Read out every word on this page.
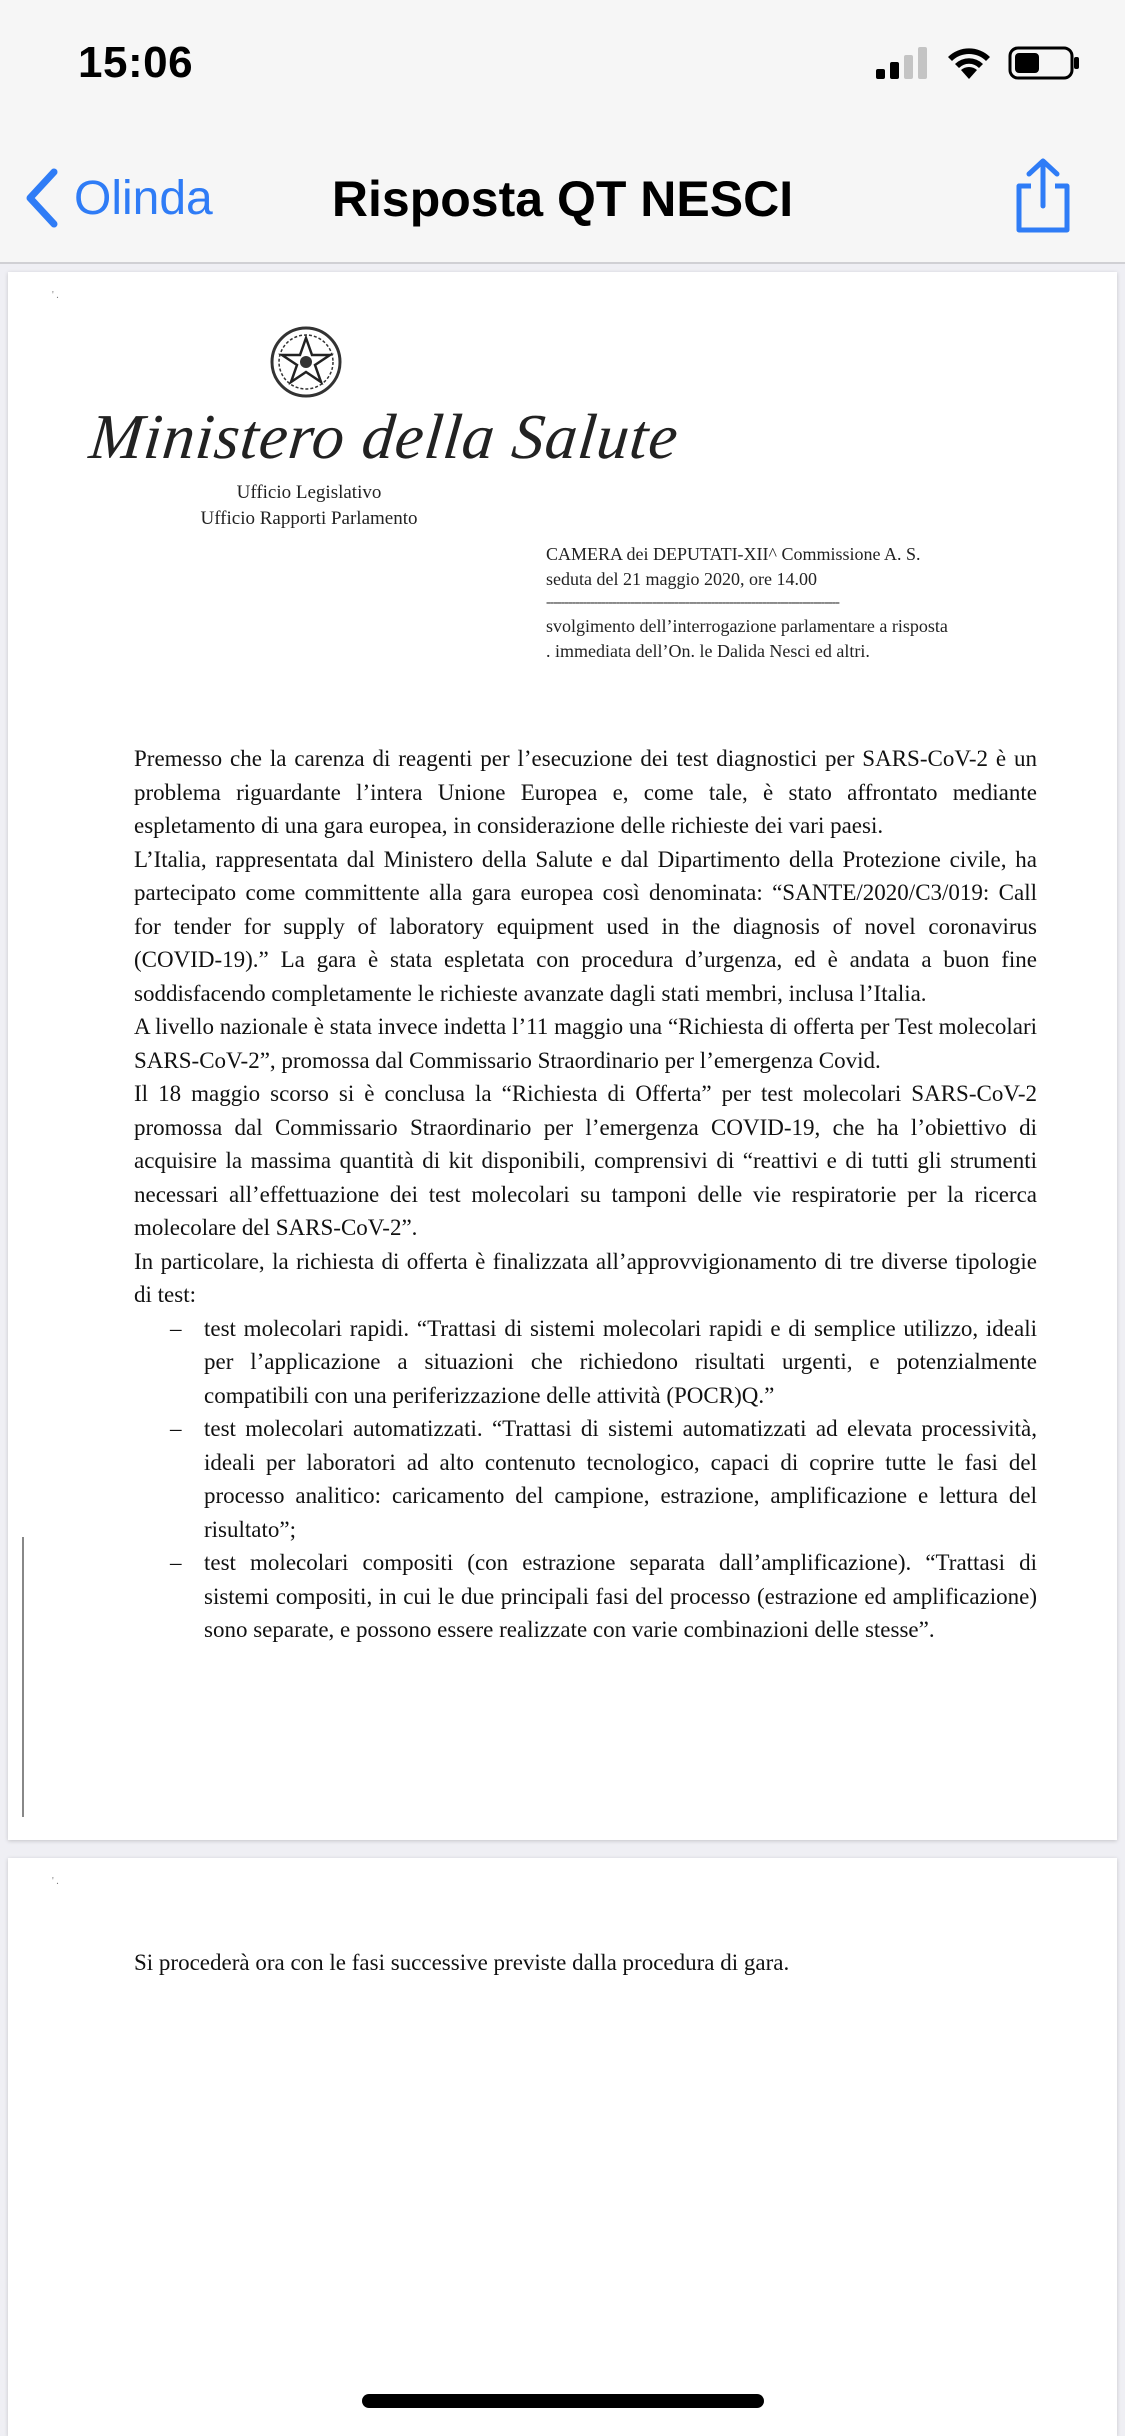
15:06
Olinda	Risposta QT NESCI
' .
Ministero della Salute
Ufficio Legislativo
Ufficio Rapporti Parlamento
CAMERA dei DEPUTATI-XII^ Commissione A. S.
seduta del 21 maggio 2020, ore 14.00
--------------------------------------------------------------------------------
svolgimento dell’interrogazione parlamentare a risposta
. immediata dell’On. le Dalida Nesci ed altri.

Premesso che la carenza di reagenti per l’esecuzione dei test diagnostici per SARS-CoV-2 è un problema riguardante l’intera Unione Europea e, come tale, è stato affrontato mediante espletamento di una gara europea, in considerazione delle richieste dei vari paesi.

L’Italia, rappresentata dal Ministero della Salute e dal Dipartimento della Protezione civile, ha partecipato come committente alla gara europea così denominata: “SANTE/2020/C3/019: Call for tender for supply of laboratory equipment used in the diagnosis of novel coronavirus (COVID-19).” La gara è stata espletata con procedura d’urgenza, ed è andata a buon fine soddisfacendo completamente le richieste avanzate dagli stati membri, inclusa l’Italia.

A livello nazionale è stata invece indetta l’11 maggio una “Richiesta di offerta per Test molecolari SARS-CoV-2”, promossa dal Commissario Straordinario per l’emergenza Covid.

Il 18 maggio scorso si è conclusa la “Richiesta di Offerta” per test molecolari SARS-CoV-2 promossa dal Commissario Straordinario per l’emergenza COVID-19, che ha l’obiettivo di acquisire la massima quantità di kit disponibili, comprensivi di “reattivi e di tutti gli strumenti necessari all’effettuazione dei test molecolari su tamponi delle vie respiratorie per la ricerca molecolare del SARS-CoV-2”.

In particolare, la richiesta di offerta è finalizzata all’approvvigionamento di tre diverse tipologie di test:

– test molecolari rapidi. “Trattasi di sistemi molecolari rapidi e di semplice utilizzo, ideali per l’applicazione a situazioni che richiedono risultati urgenti, e potenzialmente compatibili con una periferizzazione delle attività (POCR)Q.”
– test molecolari automatizzati. “Trattasi di sistemi automatizzati ad elevata processività, ideali per laboratori ad alto contenuto tecnologico, capaci di coprire tutte le fasi del processo analitico: caricamento del campione, estrazione, amplificazione e lettura del risultato”;
– test molecolari compositi (con estrazione separata dall’amplificazione). “Trattasi di sistemi compositi, in cui le due principali fasi del processo (estrazione ed amplificazione) sono separate, e possono essere realizzate con varie combinazioni delle stesse”.
' .
Si procederà ora con le fasi successive previste dalla procedura di gara.
